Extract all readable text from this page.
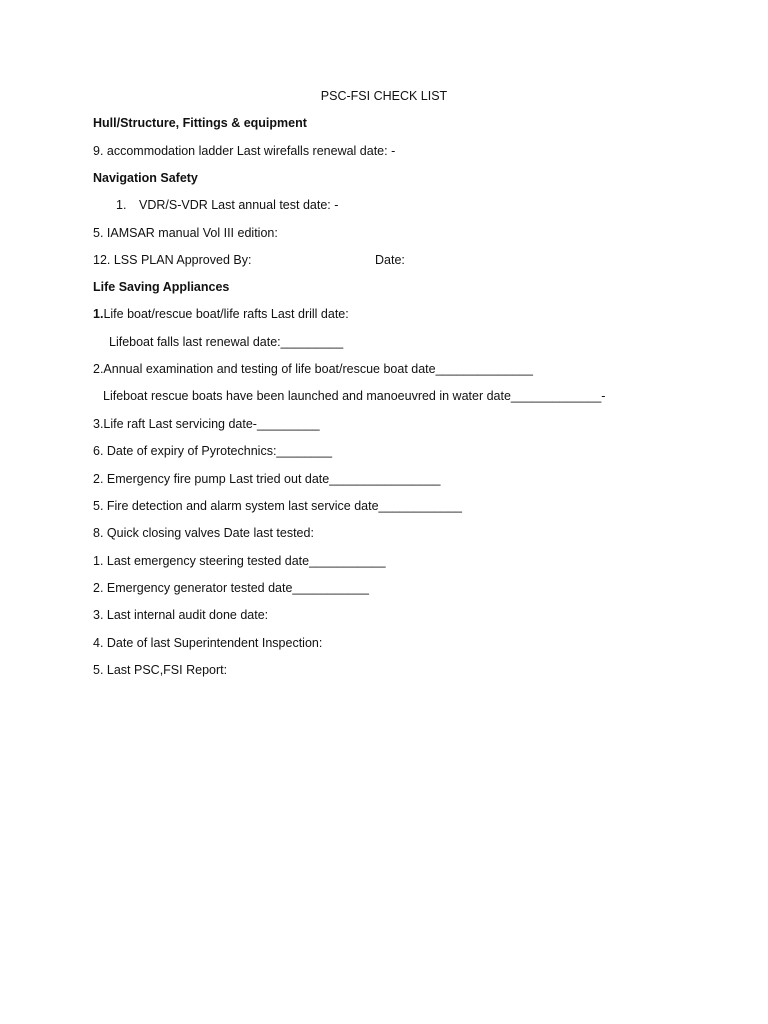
PSC-FSI CHECK LIST
Hull/Structure, Fittings & equipment
9. accommodation ladder Last wirefalls renewal date: -
Navigation Safety
1. VDR/S-VDR Last annual test date: -
5. IAMSAR manual Vol III edition:
12. LSS PLAN Approved By:	Date:
Life Saving Appliances
1.Life boat/rescue boat/life rafts Last drill date:
Lifeboat falls last renewal date:_________
2.Annual examination and testing of life boat/rescue boat date______________
Lifeboat rescue boats have been launched and manoeuvred in water date_____________-
3.Life raft Last servicing date-_________
6. Date of expiry of Pyrotechnics:________
2. Emergency fire pump Last tried out date________________
5. Fire detection and alarm system last service date____________
8. Quick closing valves Date last tested:
1. Last emergency steering tested date___________
2. Emergency generator tested date___________
3. Last internal audit done date:
4. Date of last Superintendent Inspection:
5. Last PSC,FSI Report:
